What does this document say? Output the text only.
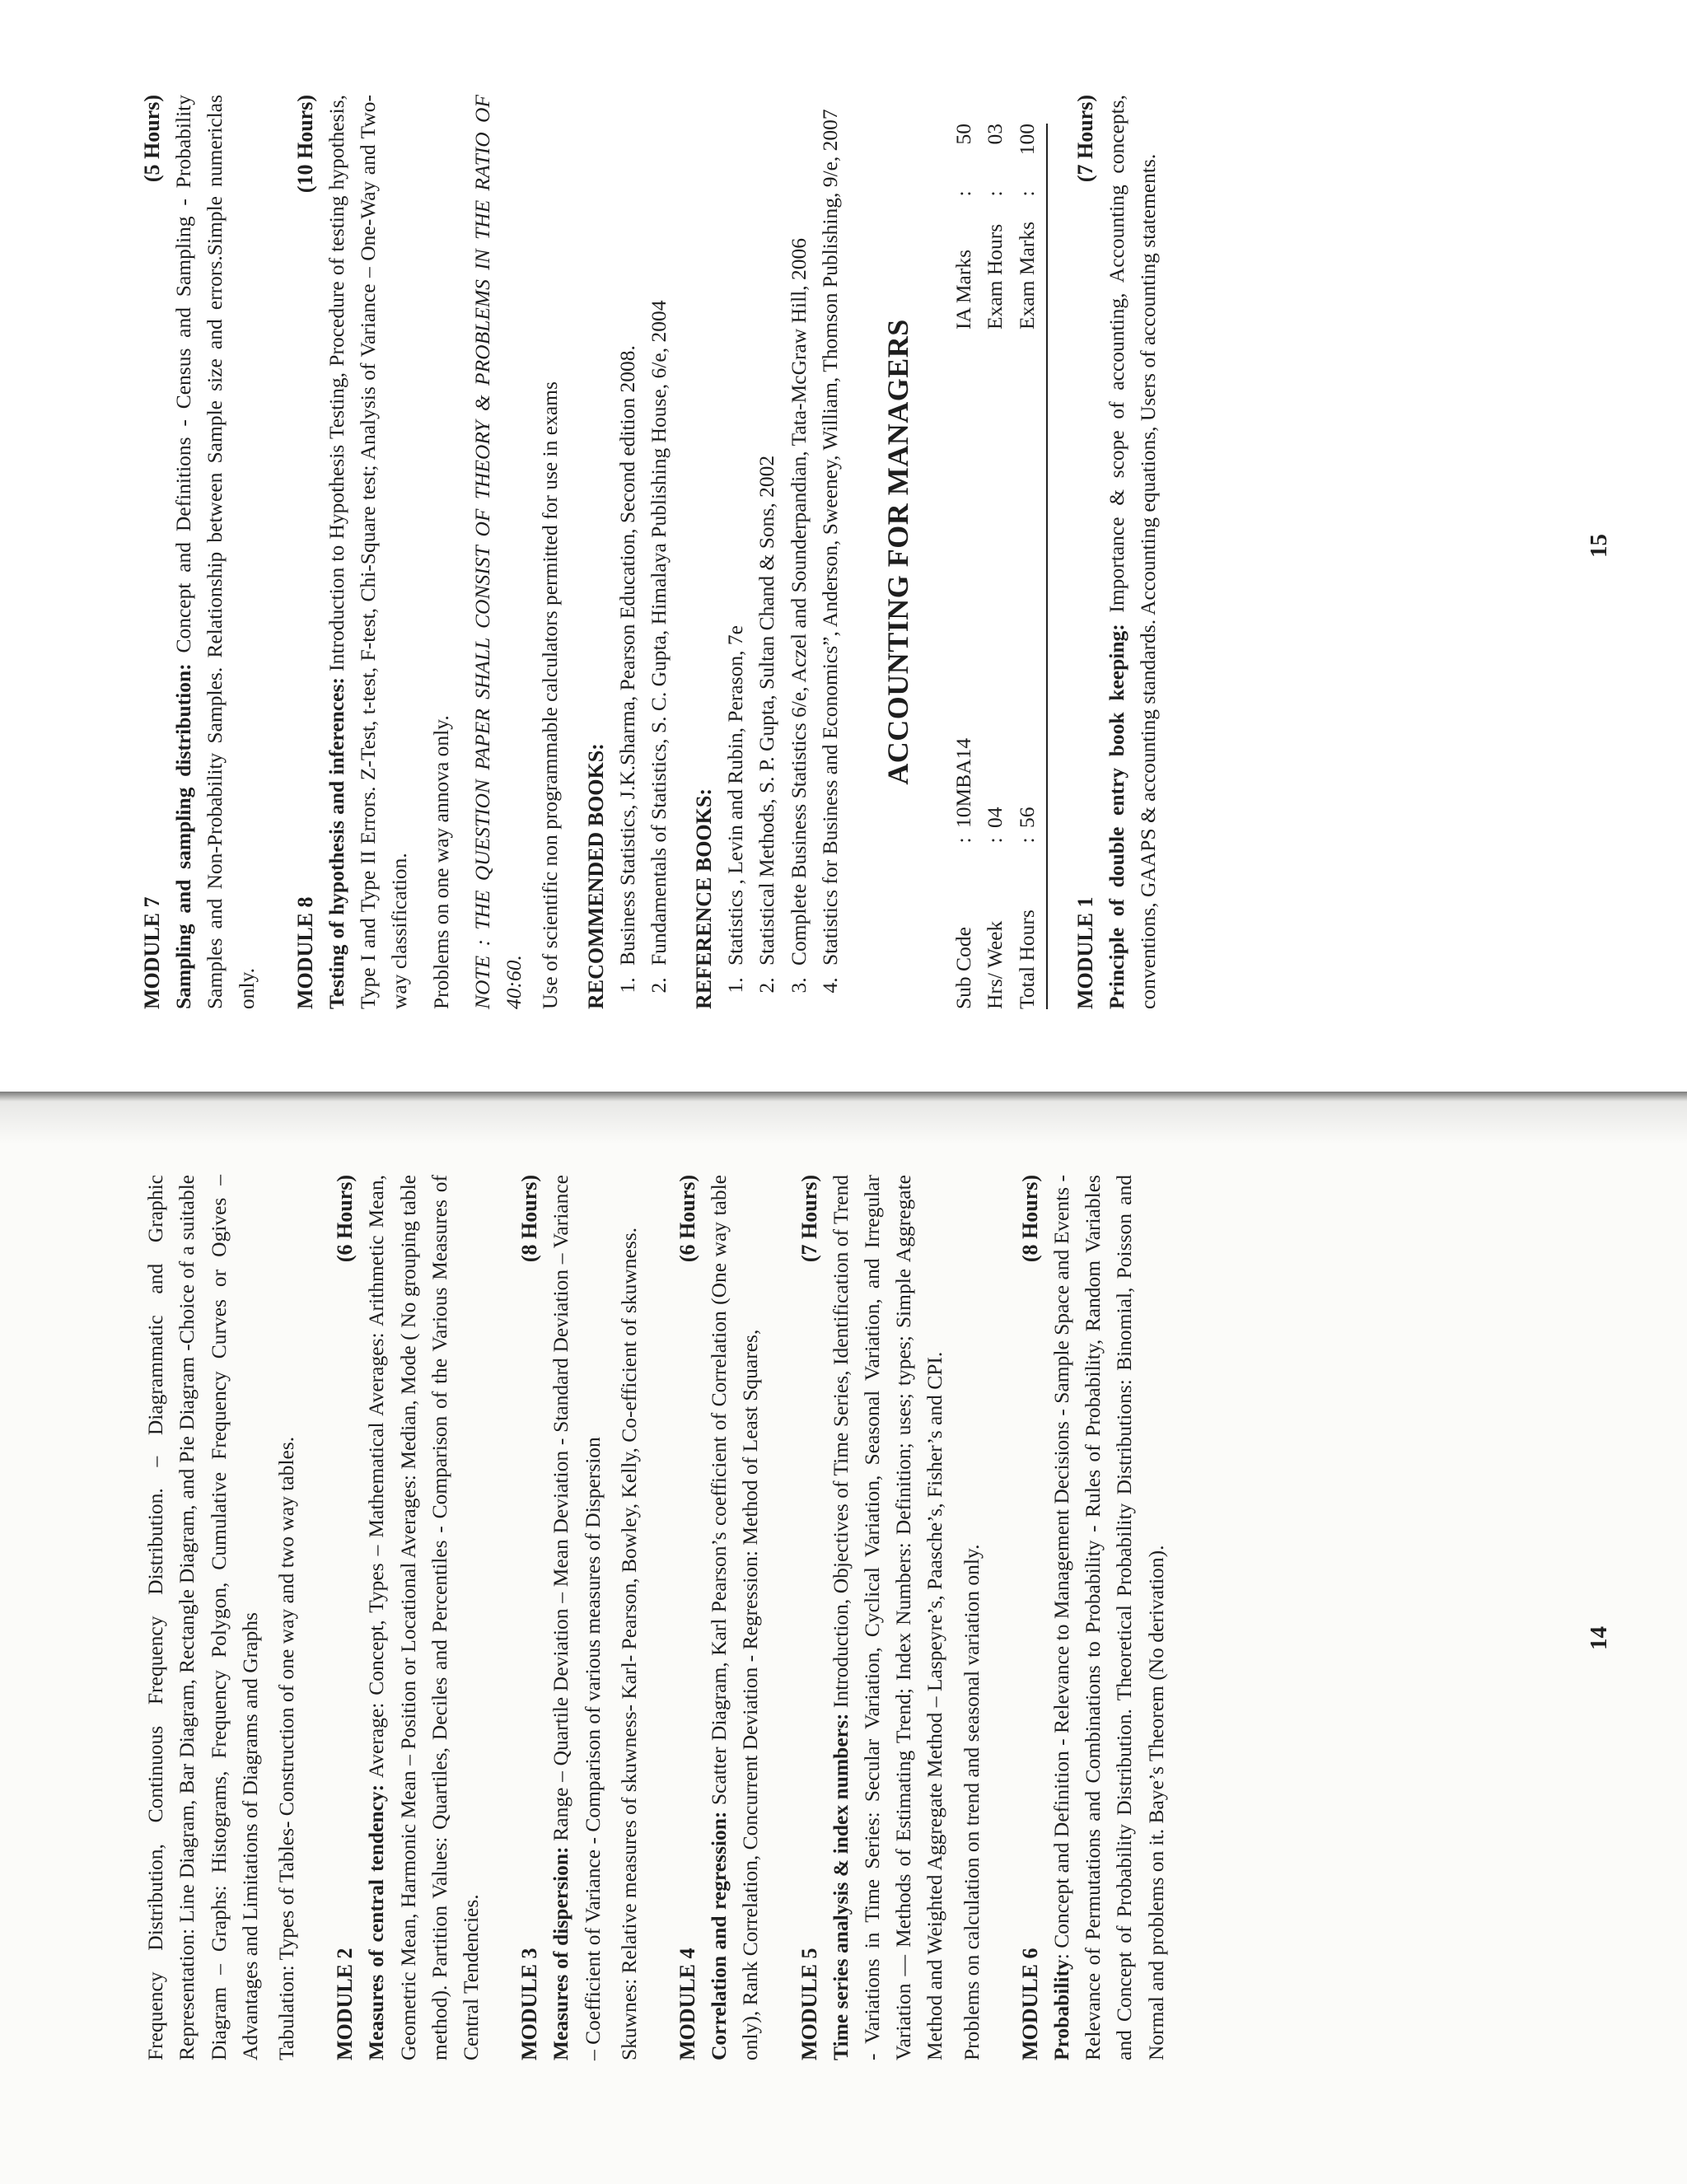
Frequency Distribution, Continuous Frequency Distribution. – Diagrammatic and Graphic Representation: Line Diagram, Bar Diagram, Rectangle Diagram, and Pie Diagram -Choice of a suitable Diagram – Graphs: Histograms, Frequency Polygon, Cumulative Frequency Curves or Ogives – Advantages and Limitations of Diagrams and Graphs Tabulation: Types of Tables- Construction of one way and two way tables. MODULE 2
(6 Hours)

Measures of central tendency: Average: Concept, Types – Mathematical Averages: Arithmetic Mean, Geometric Mean, Harmonic Mean – Position or Locational Averages: Median, Mode ( No grouping table method). Partition Values: Quartiles, Deciles and Percentiles - Comparison of the Various Measures of Central Tendencies. MODULE 3
(8 Hours)

Measures of dispersion: Range – Quartile Deviation – Mean Deviation - Standard Deviation – Variance – Coefficient of Variance - Comparison of various measures of Dispersion Skuwnes: Relative measures of skuwness- Karl- Pearson, Bowley, Kelly, Co-efficient of skuwness. MODULE 4
(6 Hours)

Correlation and regression: Scatter Diagram, Karl Pearson’s coefficient of Correlation (One way table only), Rank Correlation, Concurrent Deviation - Regression: Method of Least Squares, MODULE 5
(7 Hours)

Time series analysis & index numbers: Introduction, Objectives of Time Series, Identification of Trend - Variations in Time Series: Secular Variation, Cyclical Variation, Seasonal Variation, and Irregular Variation — Methods of Estimating Trend; Index Numbers: Definition; uses; types; Simple Aggregate Method and Weighted Aggregate Method – Laspeyre’s, Paasche’s, Fisher’s and CPI. Problems on calculation on trend and seasonal variation only. MODULE 6
(8 Hours)

Probability: Concept and Definition - Relevance to Management Decisions - Sample Space and Events - Relevance of Permutations and Combinations to Probability - Rules of Probability, Random Variables and Concept of Probability Distribution. Theoretical Probability Distributions: Binomial, Poisson and Normal and problems on it. Baye’s Theorem (No derivation).	14
MODULE 7
(5 Hours)

Sampling and sampling distribution: Concept and Definitions - Census and Sampling - Probability Samples and Non-Probability Samples. Relationship between Sample size and errors.Simple numericlas only. MODULE 8
(10 Hours)

Testing of hypothesis and inferences: Introduction to Hypothesis Testing, Procedure of testing hypothesis, Type I and Type II Errors. Z-Test, t-test, F-test, Chi-Square test; Analysis of Variance – One-Way and Two-way classification. Problems on one way annova only. NOTE : THE QUESTION PAPER SHALL CONSIST OF THEORY & PROBLEMS IN THE RATIO OF 40:60. Use of scientific non programmable calculators permitted for use in exams RECOMMENDED BOOKS: 1. Business Statistics, J.K.Sharma, Pearson Education, Second edition 2008. 2. Fundamentals of Statistics, S. C. Gupta, Himalaya Publishing House, 6/e, 2004 REFERENCE BOOKS: 1. Statistics , Levin and Rubin, Perason, 7e 2. Statistical Methods, S. P. Gupta, Sultan Chand & Sons, 2002 3. Complete Business Statistics 6/e, Aczel and Sounderpandian, Tata-McGraw Hill, 2006 4. Statistics for Business and Economics”, Anderson, Sweeney, William, Thomson Publishing, 9/e, 2007 ACCOUNTING FOR MANAGERS
Sub Code
:
10MBA14
Hrs/ Week
:
04
Total Hours
:
56
IA Marks
:
50
Exam Hours
:
03
Exam Marks
:
100
MODULE 1
(7 Hours)

Principle of double entry book keeping: Importance & scope of accounting, Accounting concepts, conventions, GAAPS & accounting standards. Accounting equations, Users of accounting statements.	15
